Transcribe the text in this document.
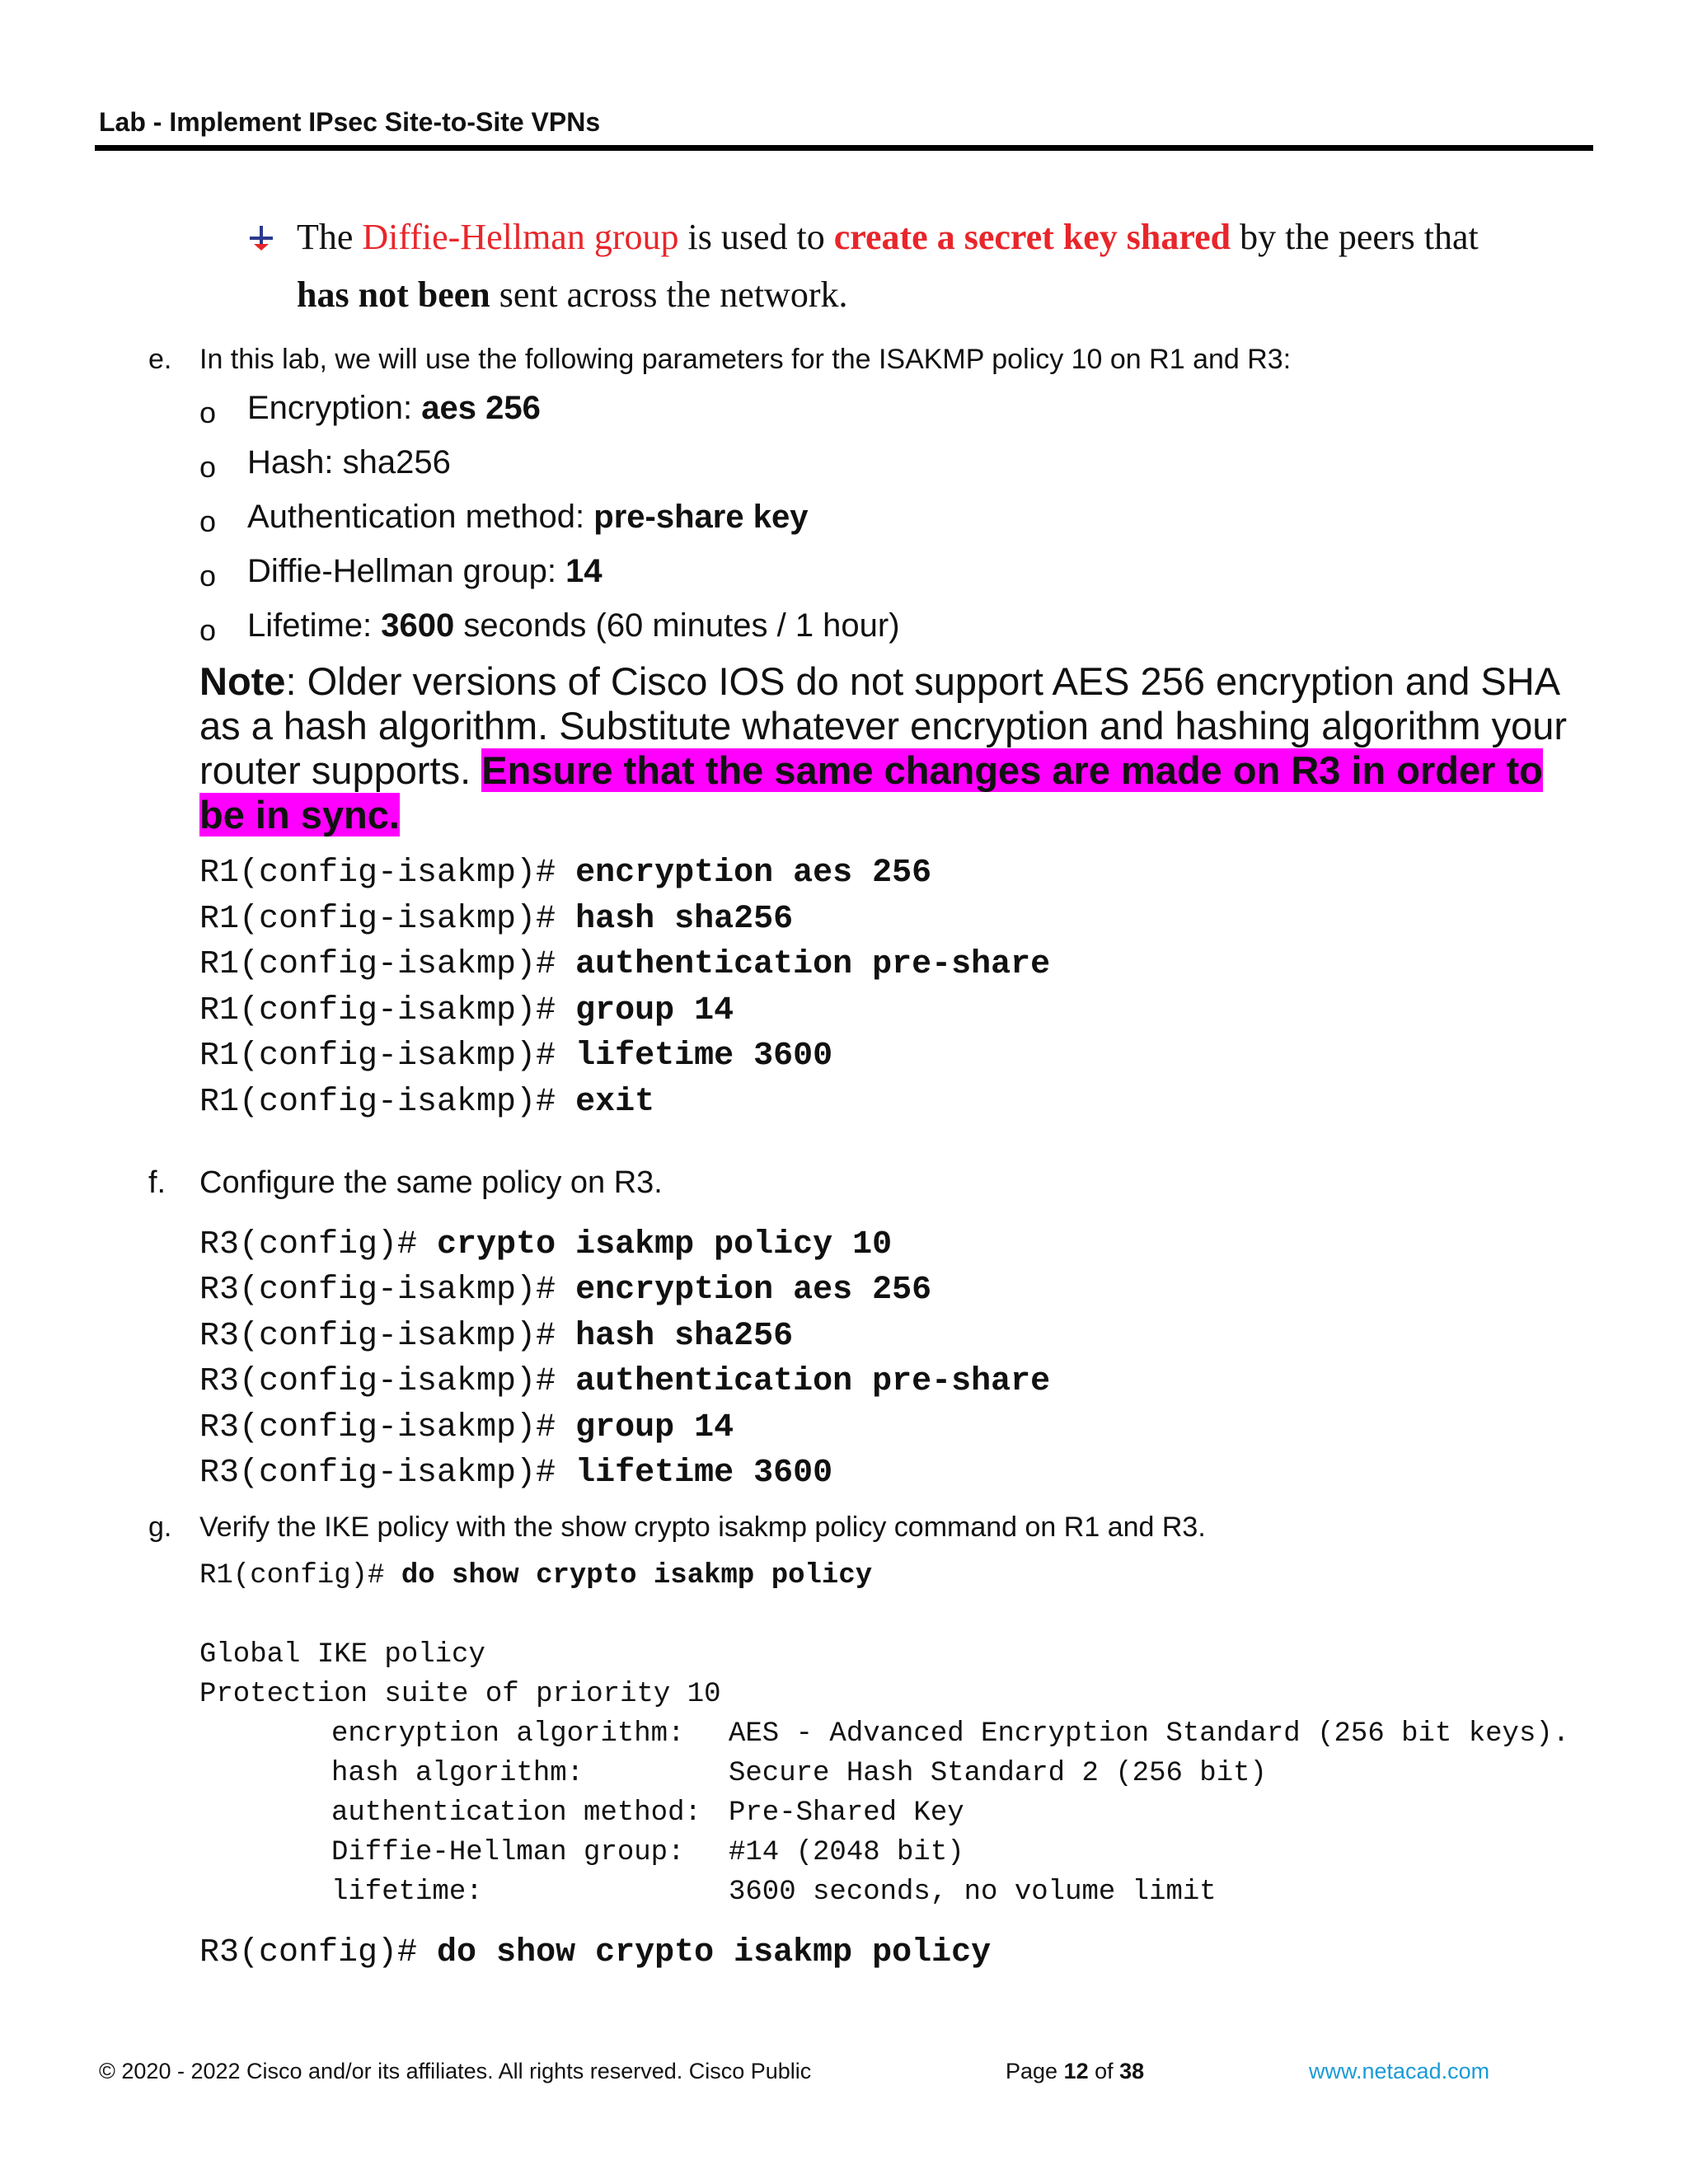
Lab - Implement IPsec Site-to-Site VPNs
The Diffie-Hellman group is used to create a secret key shared by the peers that
has not been sent across the network.
e. In this lab, we will use the following parameters for the ISAKMP policy 10 on R1 and R3:
o Encryption: aes 256
o Hash: sha256
o Authentication method: pre-share key
o Diffie-Hellman group: 14
o Lifetime: 3600 seconds (60 minutes / 1 hour)
Note: Older versions of Cisco IOS do not support AES 256 encryption and SHA as a hash algorithm. Substitute whatever encryption and hashing algorithm your router supports. Ensure that the same changes are made on R3 in order to be in sync.
R1(config-isakmp)# encryption aes 256
R1(config-isakmp)# hash sha256
R1(config-isakmp)# authentication pre-share
R1(config-isakmp)# group 14
R1(config-isakmp)# lifetime 3600
R1(config-isakmp)# exit
f. Configure the same policy on R3.
R3(config)# crypto isakmp policy 10
R3(config-isakmp)# encryption aes 256
R3(config-isakmp)# hash sha256
R3(config-isakmp)# authentication pre-share
R3(config-isakmp)# group 14
R3(config-isakmp)# lifetime 3600
g. Verify the IKE policy with the show crypto isakmp policy command on R1 and R3.
R1(config)# do show crypto isakmp policy
Global IKE policy
Protection suite of priority 10
encryption algorithm: AES - Advanced Encryption Standard (256 bit keys).
hash algorithm:	Secure Hash Standard 2 (256 bit)
authentication method: Pre-Shared Key
Diffie-Hellman group: #14 (2048 bit)
lifetime:	3600 seconds, no volume limit
R3(config)# do show crypto isakmp policy
© 2020 - 2022 Cisco and/or its affiliates. All rights reserved. Cisco Public	Page 12 of 38	www.netacad.com
